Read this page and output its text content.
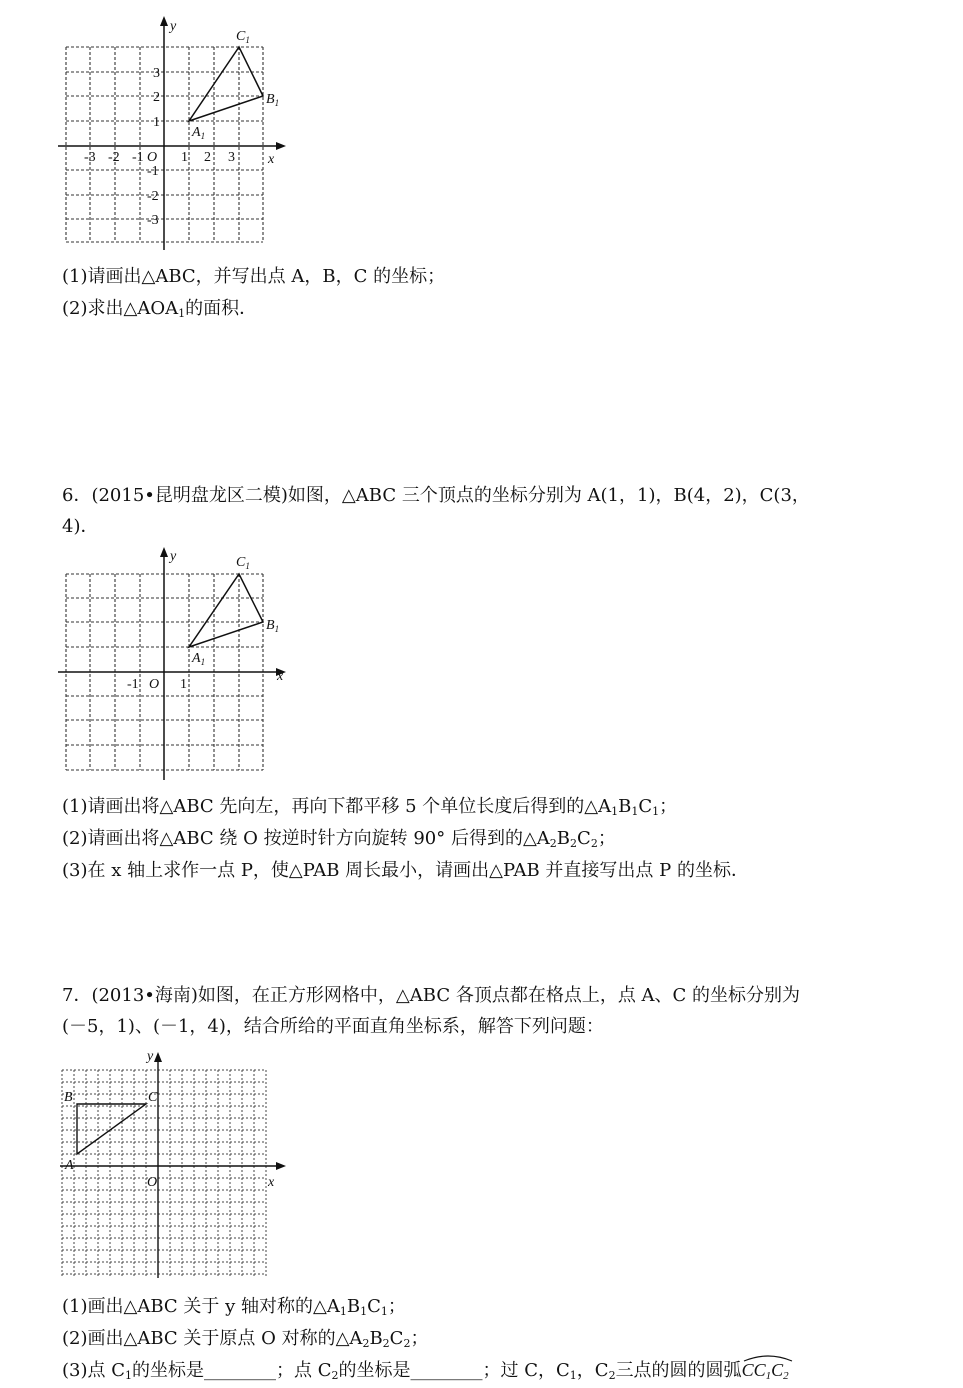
x
y
O
-3 -2 -1	1 2 3
3
2
1
-1
-2
-3
$C_1$
$B_1$
$A_1$
(1)请画出△ABC，并写出点 A，B，C 的坐标；
(2)求出$\triangle AOA_1$的面积．
6．(2015•昆明盘龙区二模)如图，△ABC 三个顶点的坐标分别为 A(1，1)，B(4，2)，C(3，
4)．
x
y
O
-1	1
$C_1$
$B_1$
$A_1$
(1)请画出将△ABC 先向左，再向下都平移 5 个单位长度后得到的$\triangle A_1B_1C_1$；
(2)请画出将△ABC 绕 O 按逆时针方向旋转 90° 后得到的$\triangle A_2B_2C_2$；
(3)在 x 轴上求作一点 P，使△PAB 周长最小，请画出△PAB 并直接写出点 P 的坐标．
7．(2013•海南)如图，在正方形网格中，△ABC 各顶点都在格点上，点 A、C 的坐标分别为
(－5，1)、(－1，4)，结合所给的平面直角坐标系，解答下列问题：
x
y
O
B	C
A
(1)画出△ABC 关于 y 轴对称的$\triangle A_1B_1C_1$；
(2)画出△ABC 关于原点 O 对称的$\triangle A_2B_2C_2$；
(3)点 $C_1$的坐标是________；点 $C_2$的坐标是________；过 C，$C_1$，$C_2$三点的圆的圆弧
$CC_1C_2$
